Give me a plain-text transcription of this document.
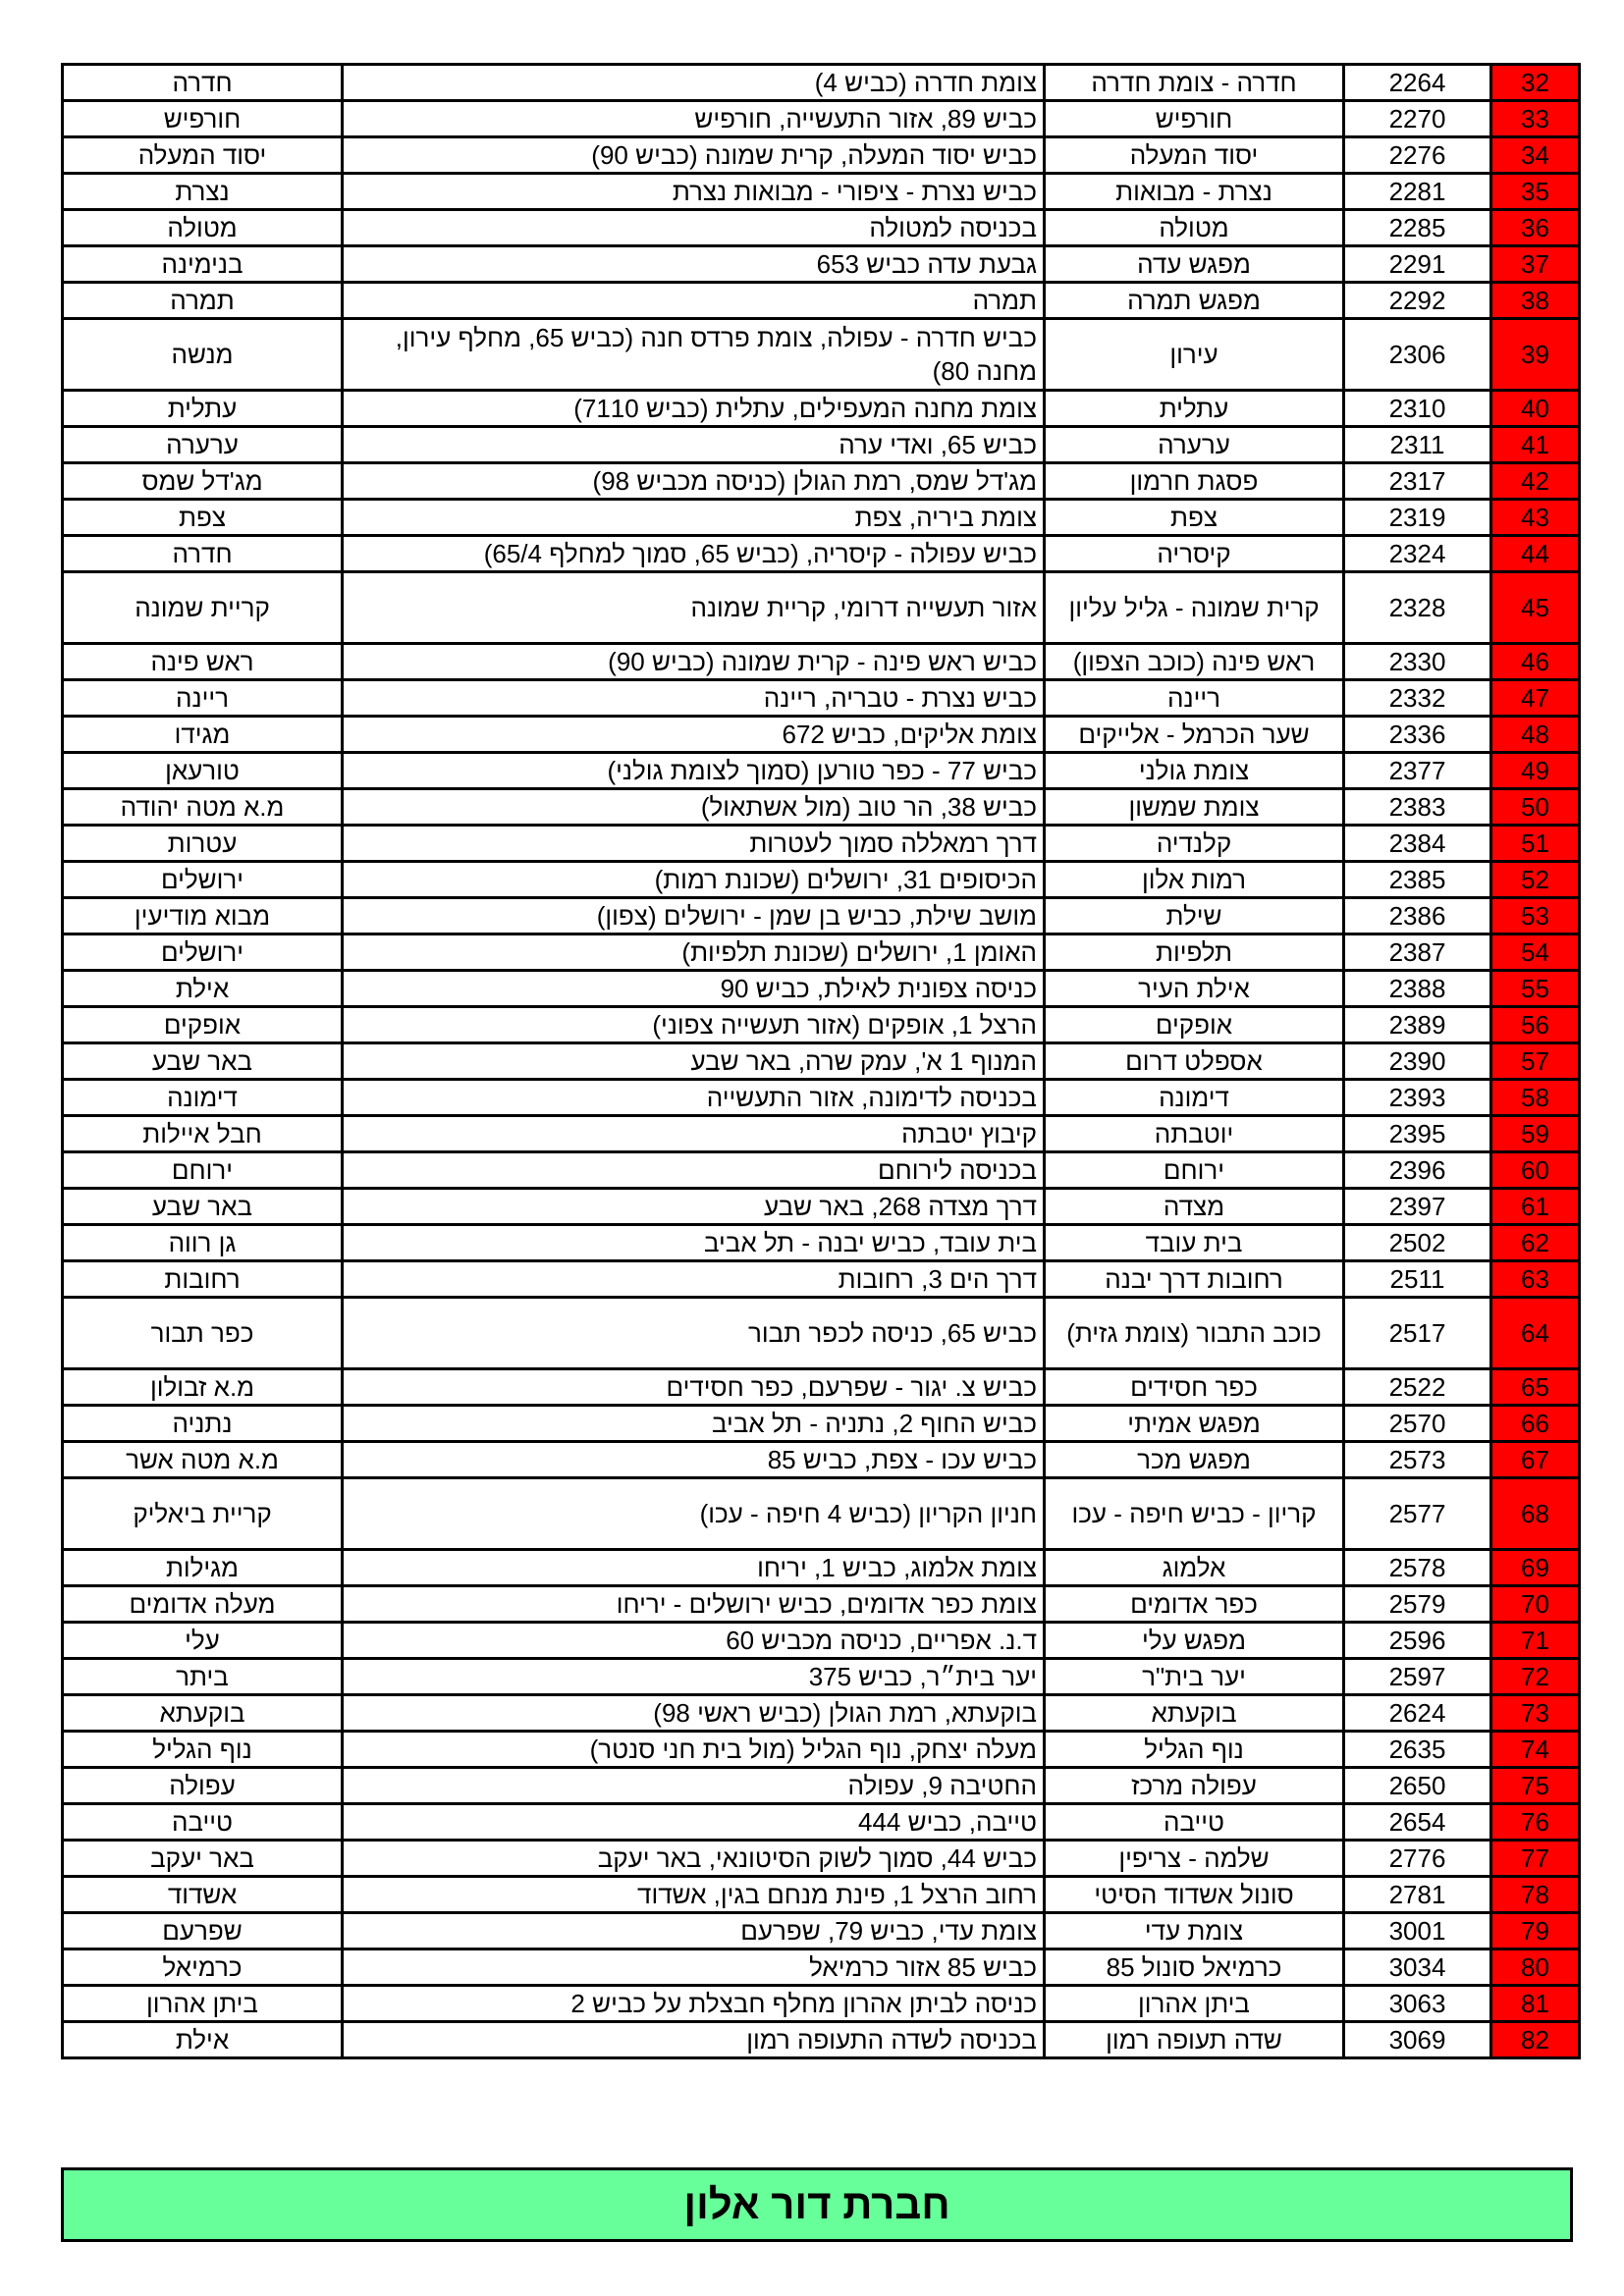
חדרה	צומת חדרה (כביש 4)	חדרה - צומת חדרה	2264	32
חורפיש	כביש 89, אזור התעשייה, חורפיש	חורפיש	2270	33
יסוד המעלה	כביש יסוד המעלה, קרית שמונה (כביש 90)	יסוד המעלה	2276	34
נצרת	כביש נצרת - ציפורי - מבואות נצרת	נצרת - מבואות	2281	35
מטולה	בכניסה למטולה	מטולה	2285	36
בנימינה	גבעת עדה כביש 653	מפגש עדה	2291	37
תמרה	תמרה	מפגש תמרה	2292	38
מנשה	כביש חדרה - עפולה, צומת פרדס חנה (כביש 65, מחלף עירון, מחנה 80)	עירון	2306	39
עתלית	צומת מחנה המעפילים, עתלית (כביש 7110)	עתלית	2310	40
ערערה	כביש 65, ואדי ערה	ערערה	2311	41
מג'דל שמס	מג'דל שמס, רמת הגולן (כניסה מכביש 98)	פסגת חרמון	2317	42
צפת	צומת ביריה, צפת	צפת	2319	43
חדרה	כביש עפולה - קיסריה, (כביש 65, סמוך למחלף 65/4)	קיסריה	2324	44
קריית שמונה	אזור תעשייה דרומי, קריית שמונה	קרית שמונה - גליל עליון	2328	45
ראש פינה	כביש ראש פינה - קרית שמונה (כביש 90)	ראש פינה (כוכב הצפון)	2330	46
ריינה	כביש נצרת - טבריה, ריינה	ריינה	2332	47
מגידו	צומת אליקים, כביש 672	שער הכרמל - אלייקים	2336	48
טורעאן	כביש 77 - כפר טורען (סמוך לצומת גולני)	צומת גולני	2377	49
מ.א מטה יהודה	כביש 38, הר טוב (מול אשתאול)	צומת שמשון	2383	50
עטרות	דרך רמאללה סמוך לעטרות	קלנדיה	2384	51
ירושלים	הכיסופים 31, ירושלים (שכונת רמות)	רמות אלון	2385	52
מבוא מודיעין	מושב שילת, כביש בן שמן - ירושלים (צפון)	שילת	2386	53
ירושלים	האומן 1, ירושלים (שכונת תלפיות)	תלפיות	2387	54
אילת	כניסה צפונית לאילת, כביש 90	אילת העיר	2388	55
אופקים	הרצל 1, אופקים (אזור תעשייה צפוני)	אופקים	2389	56
באר שבע	המנוף 1 א', עמק שרה, באר שבע	אספלט דרום	2390	57
דימונה	בכניסה לדימונה, אזור התעשייה	דימונה	2393	58
חבל איילות	קיבוץ יטבתה	יוטבתה	2395	59
ירוחם	בכניסה לירוחם	ירוחם	2396	60
באר שבע	דרך מצדה 268, באר שבע	מצדה	2397	61
גן רווה	בית עובד, כביש יבנה - תל אביב	בית עובד	2502	62
רחובות	דרך הים 3, רחובות	רחובות דרך יבנה	2511	63
כפר תבור	כביש 65, כניסה לכפר תבור	כוכב התבור (צומת גזית)	2517	64
מ.א זבולון	כביש צ. יגור - שפרעם, כפר חסידים	כפר חסידים	2522	65
נתניה	כביש החוף 2, נתניה - תל אביב	מפגש אמיתי	2570	66
מ.א מטה אשר	כביש עכו - צפת, כביש 85	מפגש מכר	2573	67
קריית ביאליק	חניון הקריון (כביש 4 חיפה - עכו)	קריון - כביש חיפה - עכו	2577	68
מגילות	צומת אלמוג, כביש 1, יריחו	אלמוג	2578	69
מעלה אדומים	צומת כפר אדומים, כביש ירושלים - יריחו	כפר אדומים	2579	70
עלי	ד.נ. אפריים, כניסה מכביש 60	מפגש עלי	2596	71
ביתר	יער בית״ר, כביש 375	יער בית"ר	2597	72
בוקעתא	בוקעתא, רמת הגולן (כביש ראשי 98)	בוקעתא	2624	73
נוף הגליל	מעלה יצחק, נוף הגליל (מול בית חני סנטר)	נוף הגליל	2635	74
עפולה	החטיבה 9, עפולה	עפולה מרכז	2650	75
טייבה	טייבה, כביש 444	טייבה	2654	76
באר יעקב	כביש 44, סמוך לשוק הסיטונאי, באר יעקב	שלמה - צריפין	2776	77
אשדוד	רחוב הרצל 1, פינת מנחם בגין, אשדוד	סונול אשדוד הסיטי	2781	78
שפרעם	צומת עדי, כביש 79, שפרעם	צומת עדי	3001	79
כרמיאל	כביש 85 אזור כרמיאל	כרמיאל סונול 85	3034	80
ביתן אהרון	כניסה לביתן אהרון מחלף חבצלת על כביש 2	ביתן אהרון	3063	81
אילת	בכניסה לשדה התעופה רמון	שדה תעופה רמון	3069	82
חברת דור אלון
